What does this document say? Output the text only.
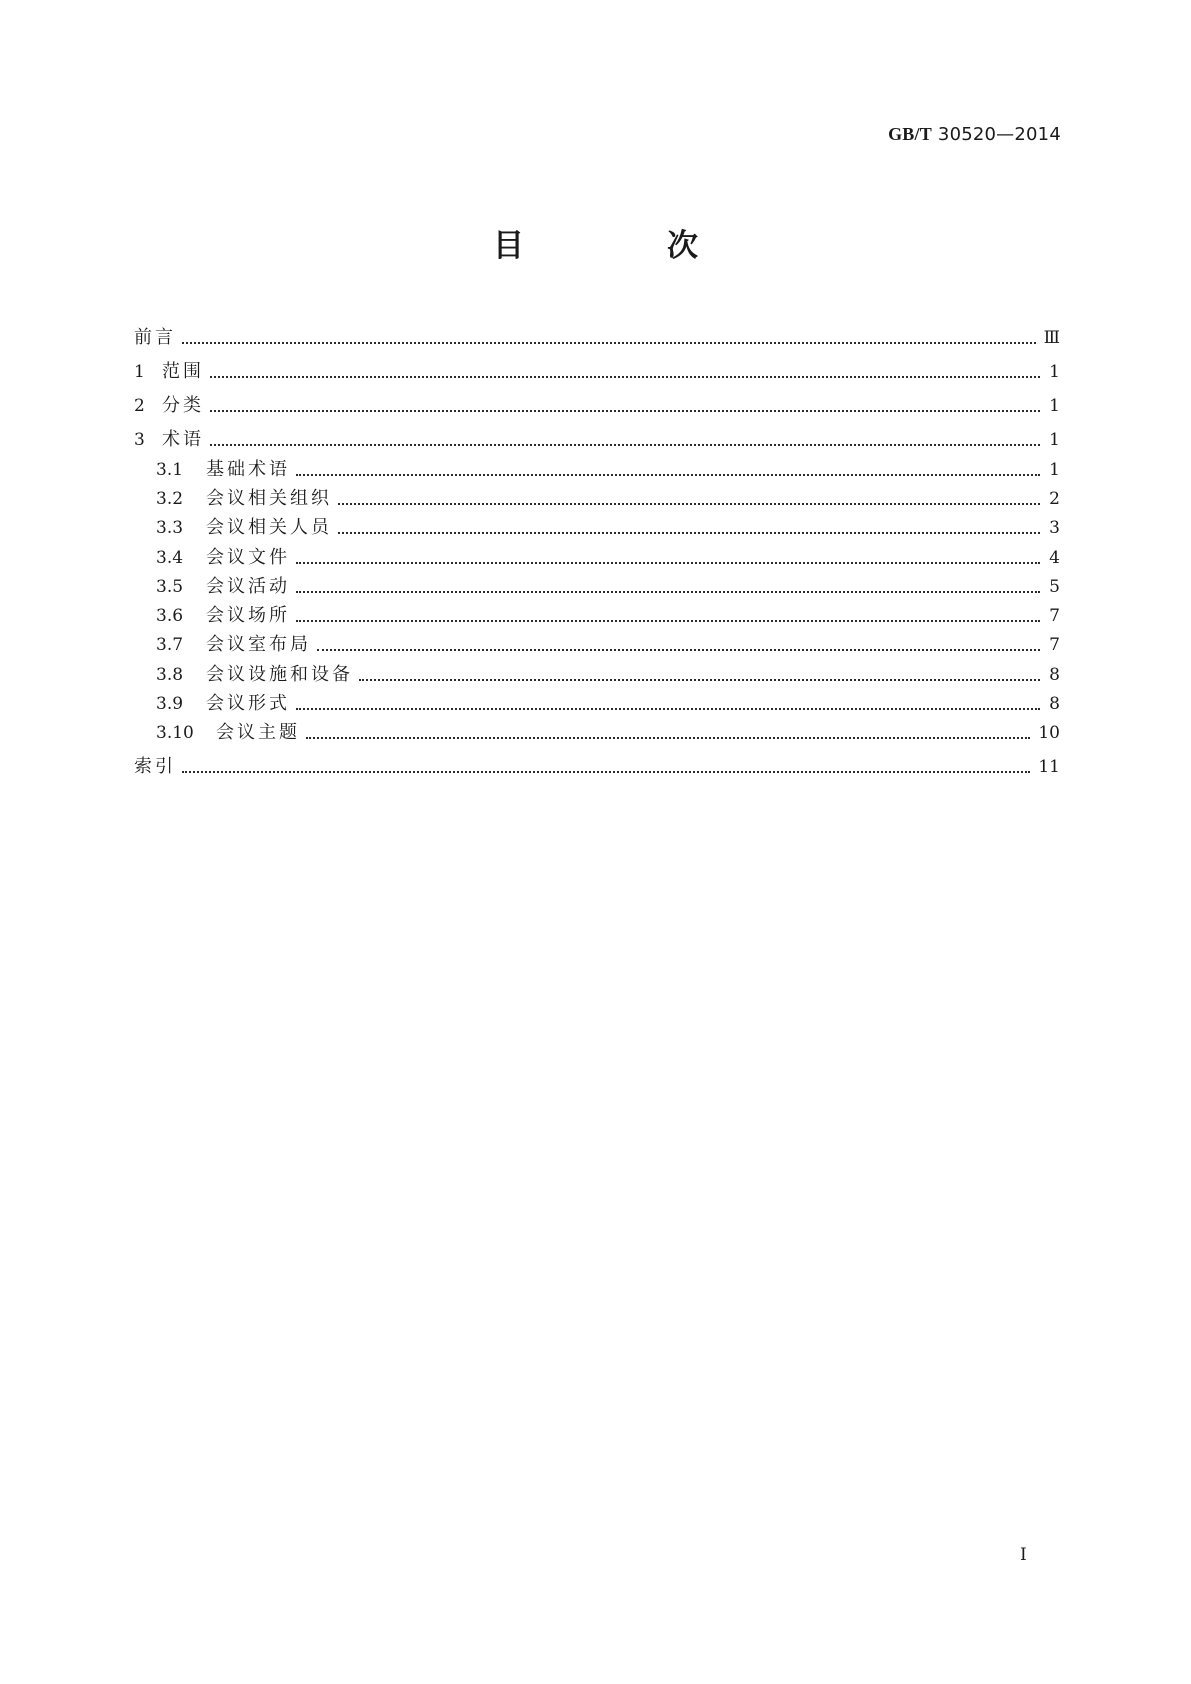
GB/T 30520—2014
目　次
前言	Ⅲ
1 范围	1
2 分类	1
3 术语	1
3.1	基础术语	1
3.2	会议相关组织	2
3.3	会议相关人员	3
3.4	会议文件	4
3.5	会议活动	5
3.6	会议场所	7
3.7	会议室布局	7
3.8	会议设施和设备	8
3.9	会议形式	8
3.10	会议主题	10
索引	11
Ⅰ
